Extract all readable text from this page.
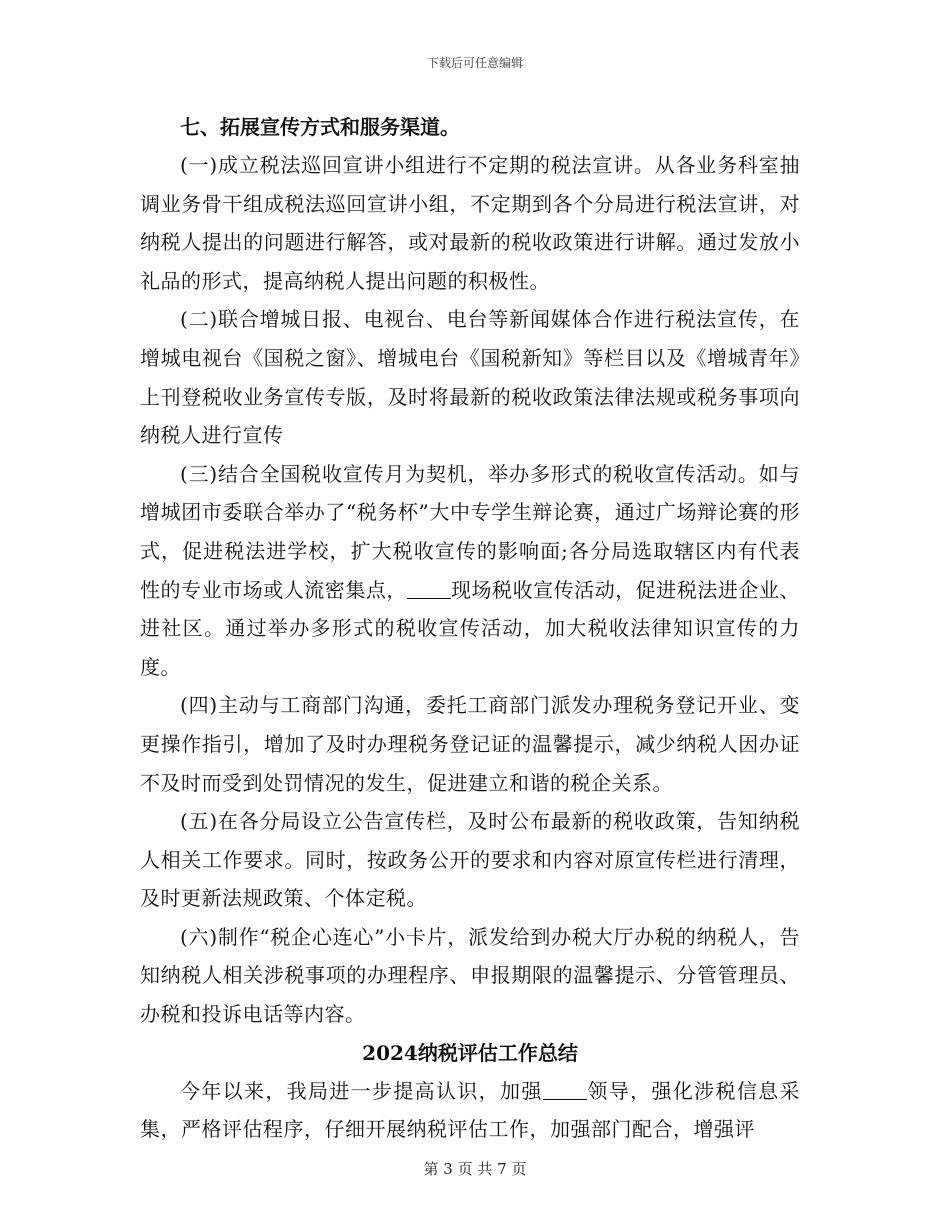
下载后可任意编辑

七、拓展宣传方式和服务渠道。

(一)成立税法巡回宣讲小组进行不定期的税法宣讲。从各业务科室抽调业务骨干组成税法巡回宣讲小组，不定期到各个分局进行税法宣讲，对纳税人提出的问题进行解答，或对最新的税收政策进行讲解。通过发放小礼品的形式，提高纳税人提出问题的积极性。

(二)联合增城日报、电视台、电台等新闻媒体合作进行税法宣传，在增城电视台《国税之窗》、增城电台《国税新知》等栏目以及《增城青年》上刊登税收业务宣传专版，及时将最新的税收政策法律法规或税务事项向纳税人进行宣传

(三)结合全国税收宣传月为契机，举办多形式的税收宣传活动。如与增城团市委联合举办了“税务杯”大中专学生辩论赛，通过广场辩论赛的形式，促进税法进学校，扩大税收宣传的影响面;各分局选取辖区内有代表性的专业市场或人流密集点， 现场税收宣传活动，促进税法进企业、进社区。通过举办多形式的税收宣传活动，加大税收法律知识宣传的力度。

(四)主动与工商部门沟通，委托工商部门派发办理税务登记开业、变更操作指引，增加了及时办理税务登记证的温馨提示，减少纳税人因办证不及时而受到处罚情况的发生，促进建立和谐的税企关系。

(五)在各分局设立公告宣传栏，及时公布最新的税收政策，告知纳税人相关工作要求。同时，按政务公开的要求和内容对原宣传栏进行清理，及时更新法规政策、个体定税。

(六)制作“税企心连心”小卡片，派发给到办税大厅办税的纳税人，告知纳税人相关涉税事项的办理程序、申报期限的温馨提示、分管管理员、办税和投诉电话等内容。

2024纳税评估工作总结

今年以来，我局进一步提高认识，加强 领导，强化涉税信息采集，严格评估程序，仔细开展纳税评估工作，加强部门配合，增强评

第 3 页 共 7 页
